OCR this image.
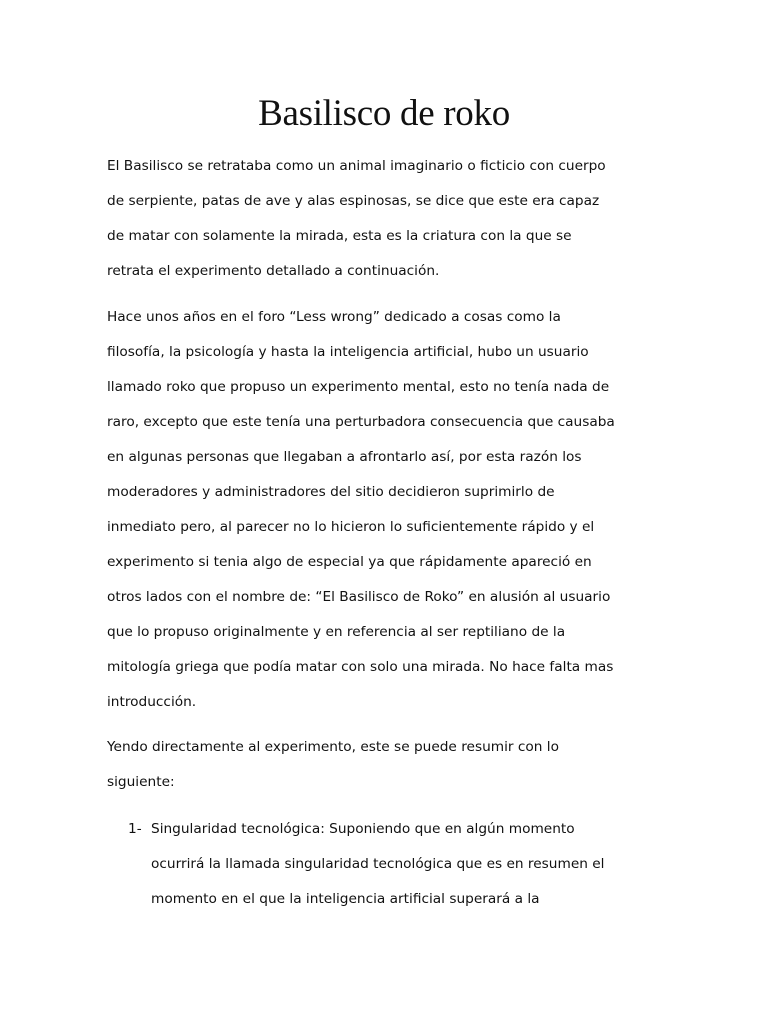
Basilisco de roko
El Basilisco se retrataba como un animal imaginario o ficticio con cuerpo
de serpiente, patas de ave y alas espinosas, se dice que este era capaz
de matar con solamente la mirada, esta es la criatura con la que se
retrata el experimento detallado a continuación.
Hace unos años en el foro “Less wrong” dedicado a cosas como la
filosofía, la psicología y hasta la inteligencia artificial, hubo un usuario
llamado roko que propuso un experimento mental, esto no tenía nada de
raro, excepto que este tenía una perturbadora consecuencia que causaba
en algunas personas que llegaban a afrontarlo así, por esta razón los
moderadores y administradores del sitio decidieron suprimirlo de
inmediato pero, al parecer no lo hicieron lo suficientemente rápido y el
experimento si tenia algo de especial ya que rápidamente apareció en
otros lados con el nombre de: “El Basilisco de Roko” en alusión al usuario
que lo propuso originalmente y en referencia al ser reptiliano de la
mitología griega que podía matar con solo una mirada. No hace falta mas
introducción.
Yendo directamente al experimento, este se puede resumir con lo
siguiente:
1- Singularidad tecnológica: Suponiendo que en algún momento
ocurrirá la llamada singularidad tecnológica que es en resumen el
momento en el que la inteligencia artificial superará a la
